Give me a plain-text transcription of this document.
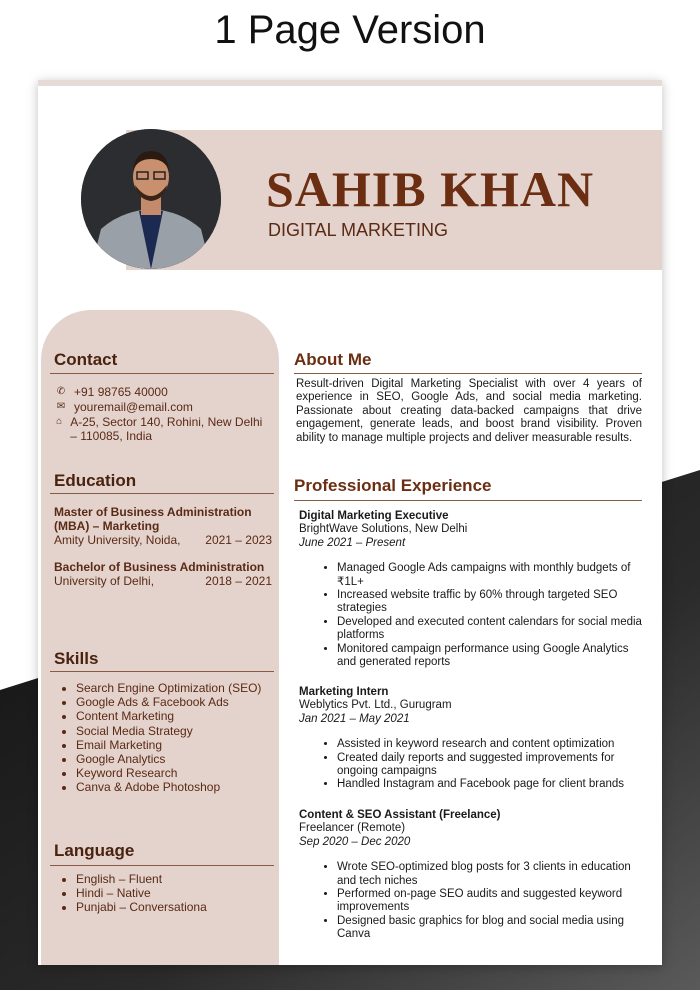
1 Page Version
SAHIB KHAN
DIGITAL MARKETING
Contact
✆ +91 98765 40000
✉ youremail@email.com
⌂ A-25, Sector 140, Rohini, New Delhi – 110085, India
Education
Master of Business Administration (MBA) – Marketing
Amity University, Noida, 2021 – 2023
Bachelor of Business Administration
University of Delhi,	2018 – 2021
Skills
• Search Engine Optimization (SEO)
• Google Ads & Facebook Ads
• Content Marketing
• Social Media Strategy
• Email Marketing
• Google Analytics
• Keyword Research
• Canva & Adobe Photoshop
Language
• English – Fluent
• Hindi – Native
• Punjabi – Conversationa
About Me
Result-driven Digital Marketing Specialist with over 4 years of experience in SEO, Google Ads, and social media marketing. Passionate about creating data-backed campaigns that drive engagement, generate leads, and boost brand visibility. Proven ability to manage multiple projects and deliver measurable results.
Professional Experience
Digital Marketing Executive
BrightWave Solutions, New Delhi
June 2021 – Present
• Managed Google Ads campaigns with monthly budgets of ₹1L+
• Increased website traffic by 60% through targeted SEO strategies
• Developed and executed content calendars for social media platforms
• Monitored campaign performance using Google Analytics and generated reports
Marketing Intern
Weblytics Pvt. Ltd., Gurugram
Jan 2021 – May 2021
• Assisted in keyword research and content optimization
• Created daily reports and suggested improvements for ongoing campaigns
• Handled Instagram and Facebook page for client brands
Content & SEO Assistant (Freelance)
Freelancer (Remote)
Sep 2020 – Dec 2020
• Wrote SEO-optimized blog posts for 3 clients in education and tech niches
• Performed on-page SEO audits and suggested keyword improvements
• Designed basic graphics for blog and social media using Canva
